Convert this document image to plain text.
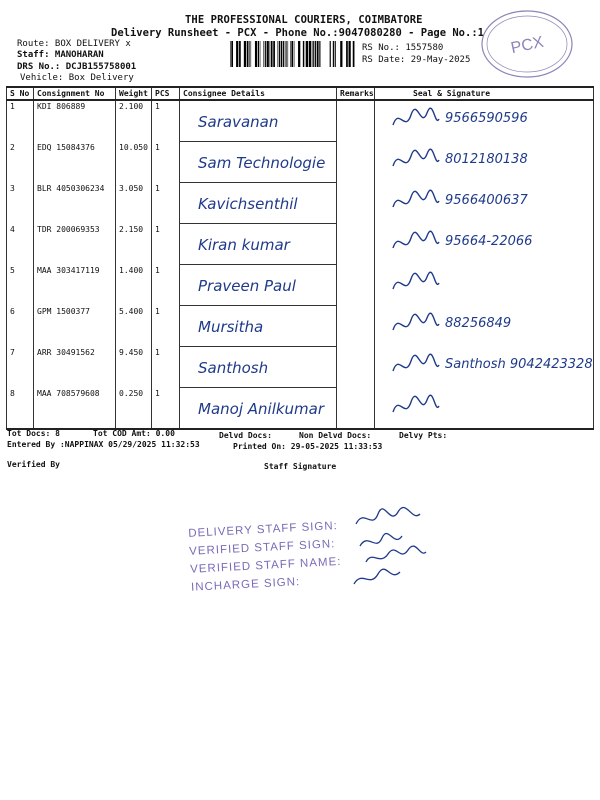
THE PROFESSIONAL COURIERS, COIMBATORE
Delivery Runsheet - PCX - Phone No.:9047080280 - Page No.:1
Route: BOX DELIVERY x
Staff: MANOHARAN
DRS No.: DCJB155758001
Vehicle: Box Delivery
RS No.: 1557580
RS Date: 29-May-2025
PCX
S No	Consignment No	Weight	PCS	Consignee Details	Remarks	Seal & Signature
1	KDI 806889	2.100	1	Saravanan		9566590596

2	EDQ 15084376	10.050	1	Sam Technologie		8012180138

3	BLR 4050306234	3.050	1	Kavichsenthil		9566400637

4	TDR 200069353	2.150	1	Kiran kumar		95664-22066

5	MAA 303417119	1.400	1	Praveen Paul

6	GPM 1500377	5.400	1	Mursitha		88256849

7	ARR 30491562	9.450	1	Santhosh		Santhosh 9042423328

8	MAA 708579608	0.250	1	Manoj Anilkumar

Tot Docs: 8	Tot COD Amt: 0.00	Delvd Docs:	Non Delvd Docs:	Delvy Pts:
Entered By :NAPPINAX 05/29/2025 11:32:53	Printed On: 29-05-2025 11:33:53
Verified By	Staff Signature
DELIVERY STAFF SIGN:
VERIFIED STAFF SIGN:
VERIFIED STAFF NAME:
INCHARGE SIGN:
